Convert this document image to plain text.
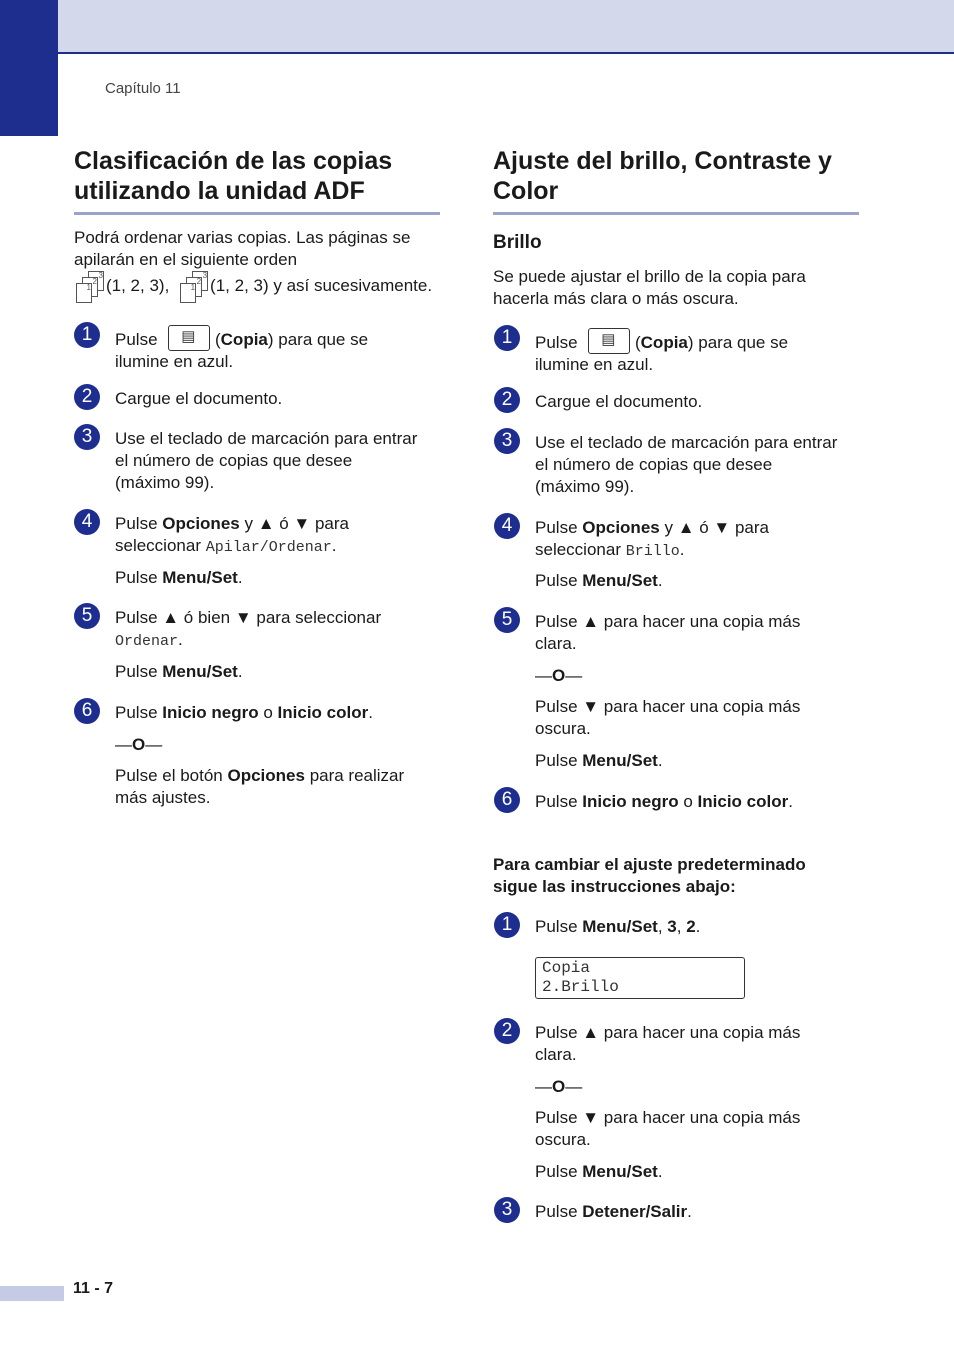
Capítulo 11
Clasificación de las copias
utilizando la unidad ADF
Podrá ordenar varias copias. Las páginas se
apilarán en el siguiente orden
3
2
1 (1, 2, 3),
3
2
1 (1, 2, 3) y así sucesivamente.
1	Pulse ▤	(Copia) para que se
ilumine en azul.
2	Cargue el documento.
3	Use el teclado de marcación para entrar
el número de copias que desee
(máximo 99).
4	Pulse Opciones y ▲ ó ▼ para
seleccionar Apilar/Ordenar.
Pulse Menu/Set.
5	Pulse ▲ ó bien ▼ para seleccionar
Ordenar.
Pulse Menu/Set.
6	Pulse Inicio negro o Inicio color.
—O—
Pulse el botón Opciones para realizar
más ajustes.
Ajuste del brillo, Contraste y
Color
Brillo
Se puede ajustar el brillo de la copia para
hacerla más clara o más oscura.
1	Pulse ▤	(Copia) para que se
ilumine en azul.
2	Cargue el documento.
3	Use el teclado de marcación para entrar
el número de copias que desee
(máximo 99).
4	Pulse Opciones y ▲ ó ▼ para
seleccionar Brillo.
Pulse Menu/Set.
5	Pulse ▲ para hacer una copia más
clara.
—O—
Pulse ▼ para hacer una copia más
oscura.
Pulse Menu/Set.
6	Pulse Inicio negro o Inicio color.
Para cambiar el ajuste predeterminado
sigue las instrucciones abajo:
1	Pulse Menu/Set, 3, 2.
Copia
2.Brillo
2	Pulse ▲ para hacer una copia más
clara.
—O—
Pulse ▼ para hacer una copia más
oscura.
Pulse Menu/Set.
3	Pulse Detener/Salir.
11 - 7
